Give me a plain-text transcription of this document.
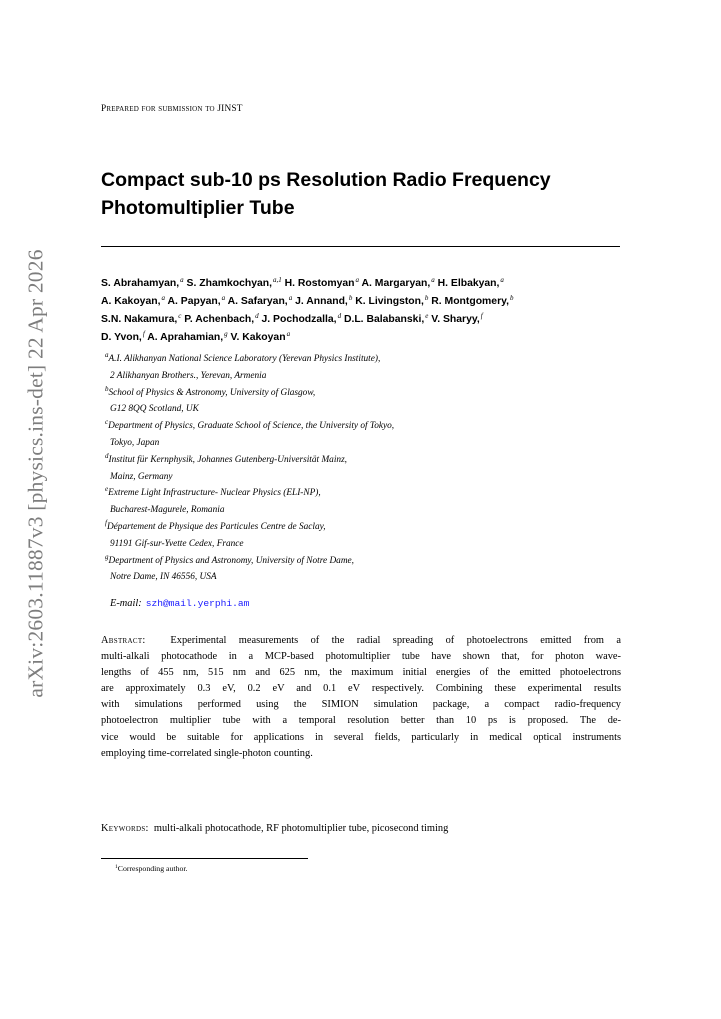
arXiv:2603.11887v3 [physics.ins-det] 22 Apr 2026
Prepared for submission to JINST
Compact sub-10 ps Resolution Radio Frequency
Photomultiplier Tube
S. Abrahamyan,$^a$ S. Zhamkochyan,$^{a,1}$ H. Rostomyan$^a$ A. Margaryan,$^a$ H. Elbakyan,$^a$
A. Kakoyan,$^a$ A. Papyan,$^a$ A. Safaryan,$^a$ J. Annand,$^b$ K. Livingston,$^b$ R. Montgomery,$^b$
S.N. Nakamura,$^c$ P. Achenbach,$^d$ J. Pochodzalla,$^d$ D.L. Balabanski,$^e$ V. Sharyy,$^f$
D. Yvon,$^f$ A. Aprahamian,$^g$ V. Kakoyan$^a$
$^a$A.I. Alikhanyan National Science Laboratory (Yerevan Physics Institute),
2 Alikhanyan Brothers., Yerevan, Armenia
$^b$School of Physics & Astronomy, University of Glasgow,
G12 8QQ Scotland, UK
$^c$Department of Physics, Graduate School of Science, the University of Tokyo,
Tokyo, Japan
$^d$Institut für Kernphysik, Johannes Gutenberg-Universität Mainz,
Mainz, Germany
$^e$Extreme Light Infrastructure- Nuclear Physics (ELI-NP),
Bucharest-Magurele, Romania
$^f$Département de Physique des Particules Centre de Saclay,
91191 Gif-sur-Yvette Cedex, France
$^g$Department of Physics and Astronomy, University of Notre Dame,
Notre Dame, IN 46556, USA
E-mail: szh@mail.yerphi.am

Abstract: Experimental measurements of the radial spreading of photoelectrons emitted from a
multi-alkali photocathode in a MCP-based photomultiplier tube have shown that, for photon wave-
lengths of 455 nm, 515 nm and 625 nm, the maximum initial energies of the emitted photoelectrons
are approximately 0.3 eV, 0.2 eV and 0.1 eV respectively. Combining these experimental results
with simulations performed using the SIMION simulation package, a compact radio-frequency
photoelectron multiplier tube with a temporal resolution better than 10 ps is proposed. The de-
vice would be suitable for applications in several fields, particularly in medical optical instruments
employing time-correlated single-photon counting.

Keywords: multi-alkali photocathode, RF photomultiplier tube, picosecond timing
$^1$Corresponding author.
